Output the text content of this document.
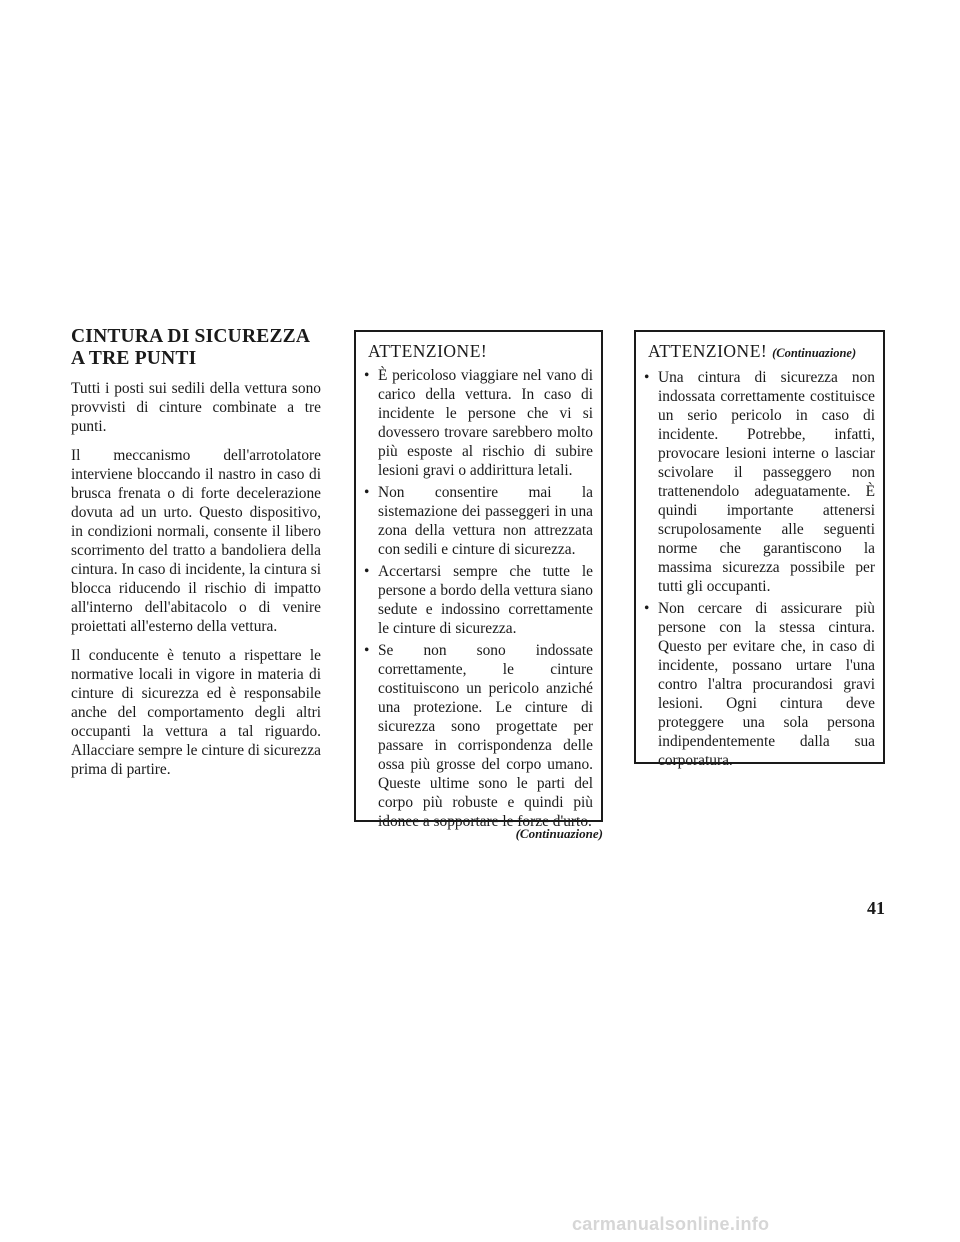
CINTURA DI SICUREZZA A TRE PUNTI

Tutti i posti sui sedili della vettura sono provvisti di cinture combinate a tre punti.

Il meccanismo dell'arrotolatore interviene bloccando il nastro in caso di brusca frenata o di forte decelerazione dovuta ad un urto. Questo dispositivo, in condizioni normali, consente il libero scorrimento del tratto a bandoliera della cintura. In caso di incidente, la cintura si blocca riducendo il rischio di impatto all'interno dell'abitacolo o di venire proiettati all'esterno della vettura.

Il conducente è tenuto a rispettare le normative locali in vigore in materia di cinture di sicurezza ed è responsabile anche del comportamento degli altri occupanti la vettura a tal riguardo. Allacciare sempre le cinture di sicurezza prima di partire.

ATTENZIONE!
• È pericoloso viaggiare nel vano di carico della vettura. In caso di incidente le persone che vi si dovessero trovare sarebbero molto più esposte al rischio di subire lesioni gravi o addirittura letali.
• Non consentire mai la sistemazione dei passeggeri in una zona della vettura non attrezzata con sedili e cinture di sicurezza.
• Accertarsi sempre che tutte le persone a bordo della vettura siano sedute e indossino correttamente le cinture di sicurezza.
• Se non sono indossate correttamente, le cinture costituiscono un pericolo anziché una protezione. Le cinture di sicurezza sono progettate per passare in corrispondenza delle ossa più grosse del corpo umano. Queste ultime sono le parti del corpo più robuste e quindi più idonee a sopportare le forze d'urto.
(Continuazione)
ATTENZIONE! (Continuazione)
• Una cintura di sicurezza non indossata correttamente costituisce un serio pericolo in caso di incidente. Potrebbe, infatti, provocare lesioni interne o lasciar scivolare il passeggero non trattenendolo adeguatamente. È quindi importante attenersi scrupolosamente alle seguenti norme che garantiscono la massima sicurezza possibile per tutti gli occupanti.
• Non cercare di assicurare più persone con la stessa cintura. Questo per evitare che, in caso di incidente, possano urtare l'una contro l'altra procurandosi gravi lesioni. Ogni cintura deve proteggere una sola persona indipendentemente dalla sua corporatura.
41
carmanualsonline.info
